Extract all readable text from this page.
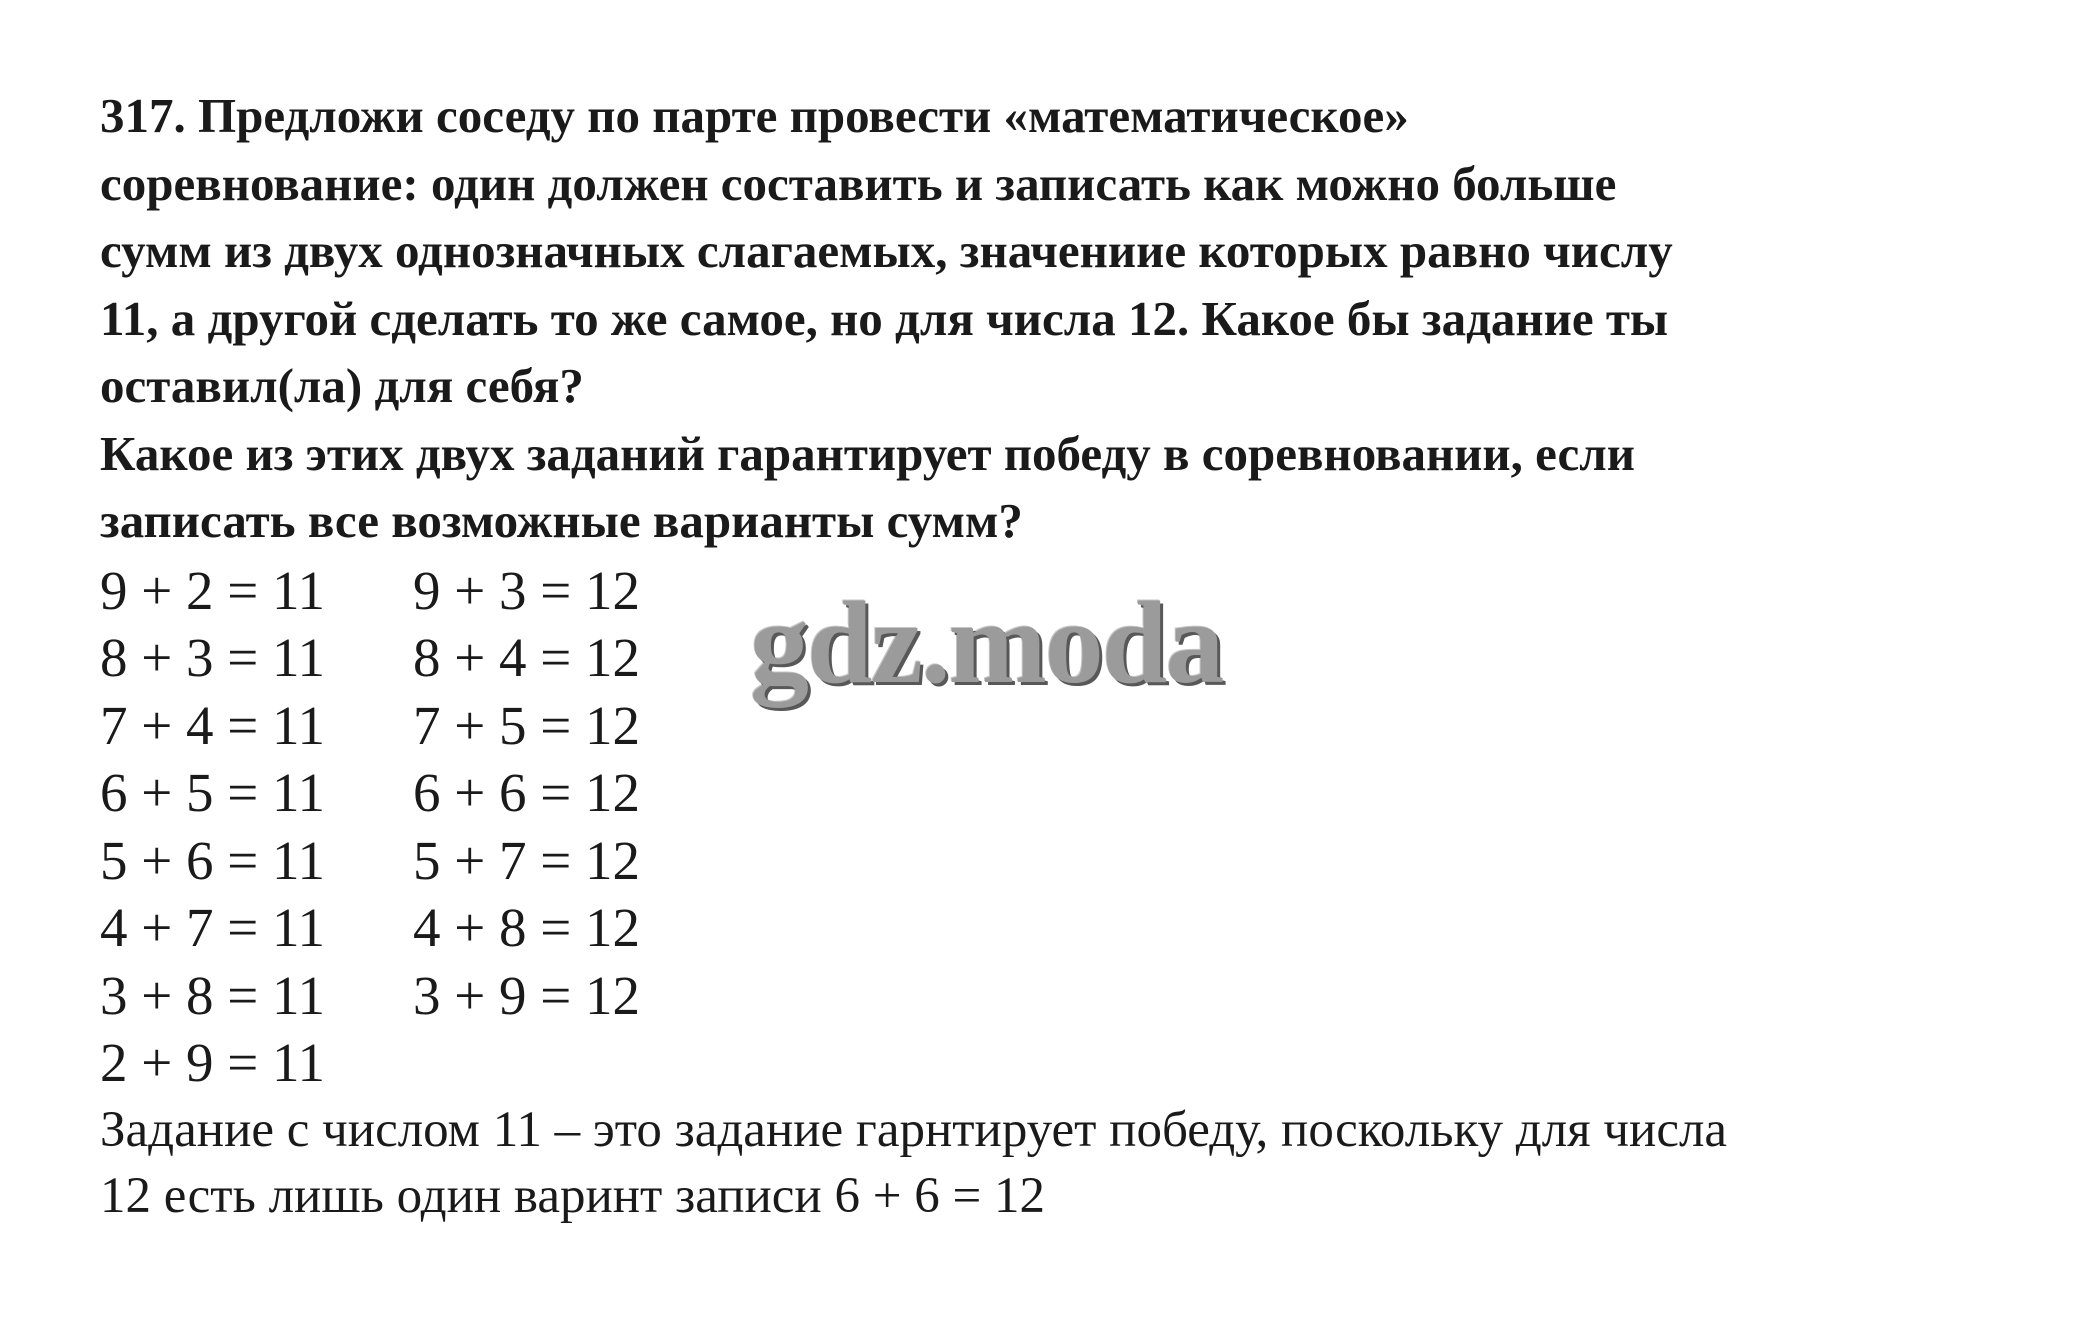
317. Предложи соседу по парте провести «математическое»

соревнование: один должен составить и записать как можно больше

сумм из двух однозначных слагаемых, значениие которых равно числу

11, а другой сделать то же самое, но для числа 12. Какое бы задание ты

оставил(ла) для себя?

Какое из этих двух заданий гарантирует победу в соревновании, если

записать все возможные варианты сумм?

9 + 2 = 11 9 + 3 = 12
8 + 3 = 11 8 + 4 = 12
7 + 4 = 11 7 + 5 = 12
6 + 5 = 11 6 + 6 = 12
5 + 6 = 11 5 + 7 = 12
4 + 7 = 11 4 + 8 = 12
3 + 8 = 11 3 + 9 = 12
2 + 9 = 11

Задание с числом 11 – это задание гарнтирует победу, поскольку для числа

12 есть лишь один варинт записи 6 + 6 = 12

gdz.moda
